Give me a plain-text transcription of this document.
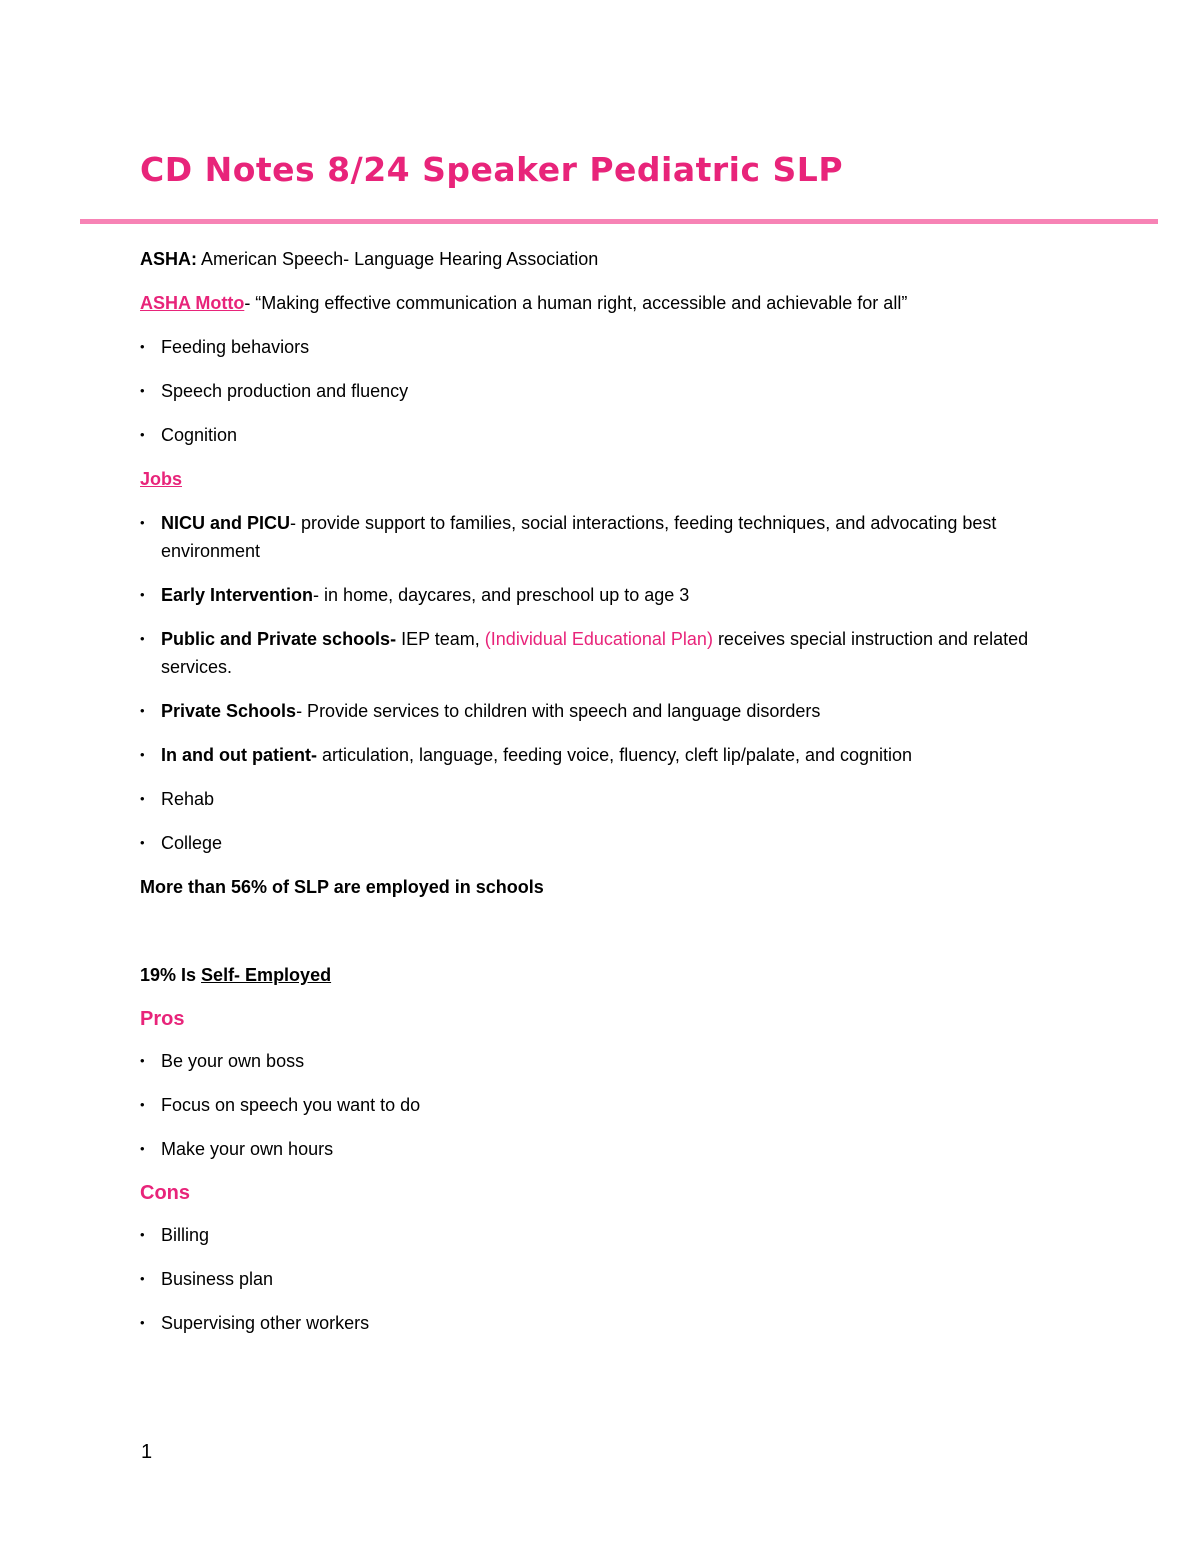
CD Notes 8/24 Speaker Pediatric SLP

ASHA: American Speech- Language Hearing Association

ASHA Motto- “Making effective communication a human right, accessible and achievable for all”

• Feeding behaviors
• Speech production and fluency
• Cognition

Jobs

• NICU and PICU- provide support to families, social interactions, feeding techniques, and advocating best environment
• Early Intervention- in home, daycares, and preschool up to age 3
• Public and Private schools- IEP team, (Individual Educational Plan) receives special instruction and related services.
• Private Schools- Provide services to children with speech and language disorders
• In and out patient- articulation, language, feeding voice, fluency, cleft lip/palate, and cognition
• Rehab
• College

More than 56% of SLP are employed in schools

19% Is Self- Employed

Pros

• Be your own boss
• Focus on speech you want to do
• Make your own hours

Cons

• Billing
• Business plan
• Supervising other workers
1
